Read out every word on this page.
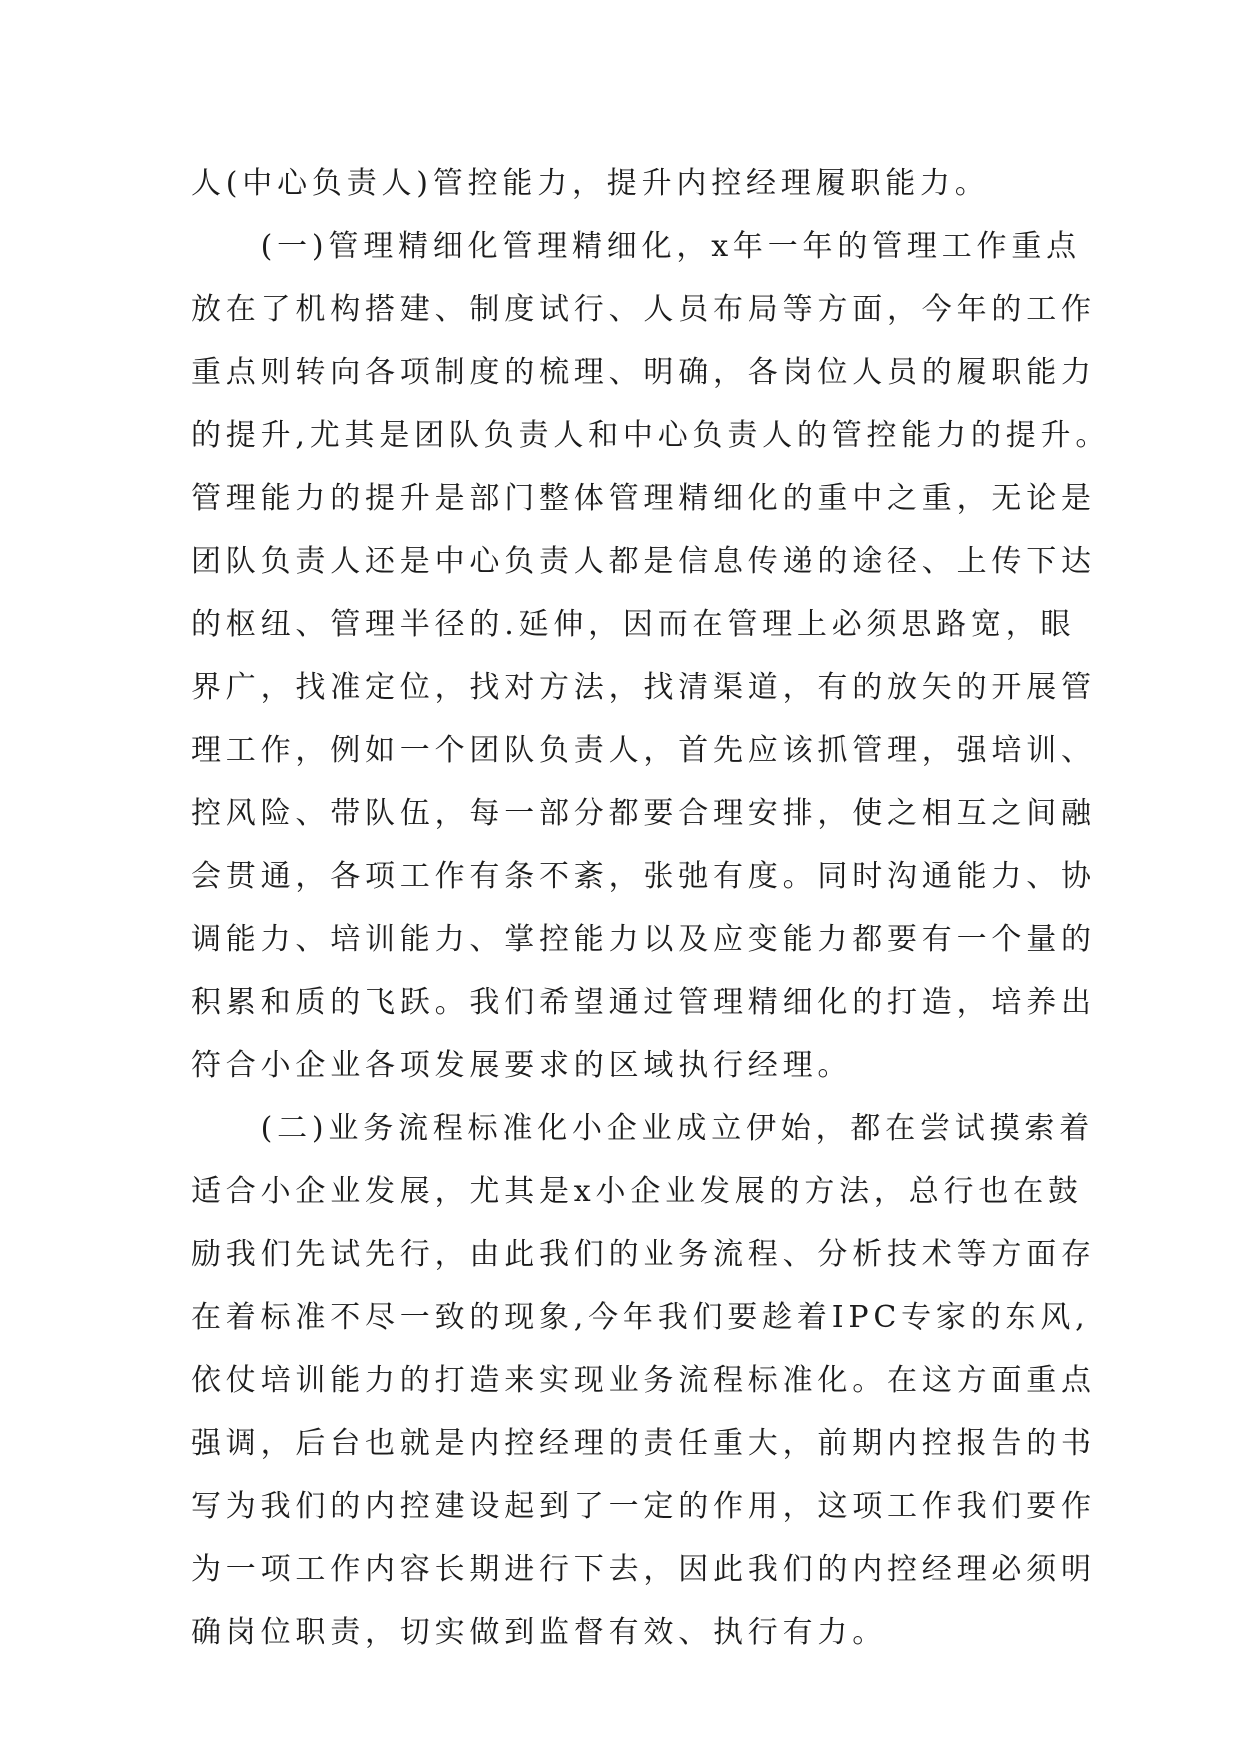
人(中心负责人)管控能力，提升内控经理履职能力。
　　(一)管理精细化管理精细化，x年一年的管理工作重点
放在了机构搭建、制度试行、人员布局等方面，今年的工作
重点则转向各项制度的梳理、明确，各岗位人员的履职能力
的提升,尤其是团队负责人和中心负责人的管控能力的提升。
管理能力的提升是部门整体管理精细化的重中之重，无论是
团队负责人还是中心负责人都是信息传递的途径、上传下达
的枢纽、管理半径的.延伸，因而在管理上必须思路宽，眼
界广，找准定位，找对方法，找清渠道，有的放矢的开展管
理工作，例如一个团队负责人，首先应该抓管理，强培训、
控风险、带队伍，每一部分都要合理安排，使之相互之间融
会贯通，各项工作有条不紊，张弛有度。同时沟通能力、协
调能力、培训能力、掌控能力以及应变能力都要有一个量的
积累和质的飞跃。我们希望通过管理精细化的打造，培养出
符合小企业各项发展要求的区域执行经理。
　　(二)业务流程标准化小企业成立伊始，都在尝试摸索着
适合小企业发展，尤其是x小企业发展的方法，总行也在鼓
励我们先试先行，由此我们的业务流程、分析技术等方面存
在着标准不尽一致的现象,今年我们要趁着IPC专家的东风,
依仗培训能力的打造来实现业务流程标准化。在这方面重点
强调，后台也就是内控经理的责任重大，前期内控报告的书
写为我们的内控建设起到了一定的作用，这项工作我们要作
为一项工作内容长期进行下去，因此我们的内控经理必须明
确岗位职责，切实做到监督有效、执行有力。
